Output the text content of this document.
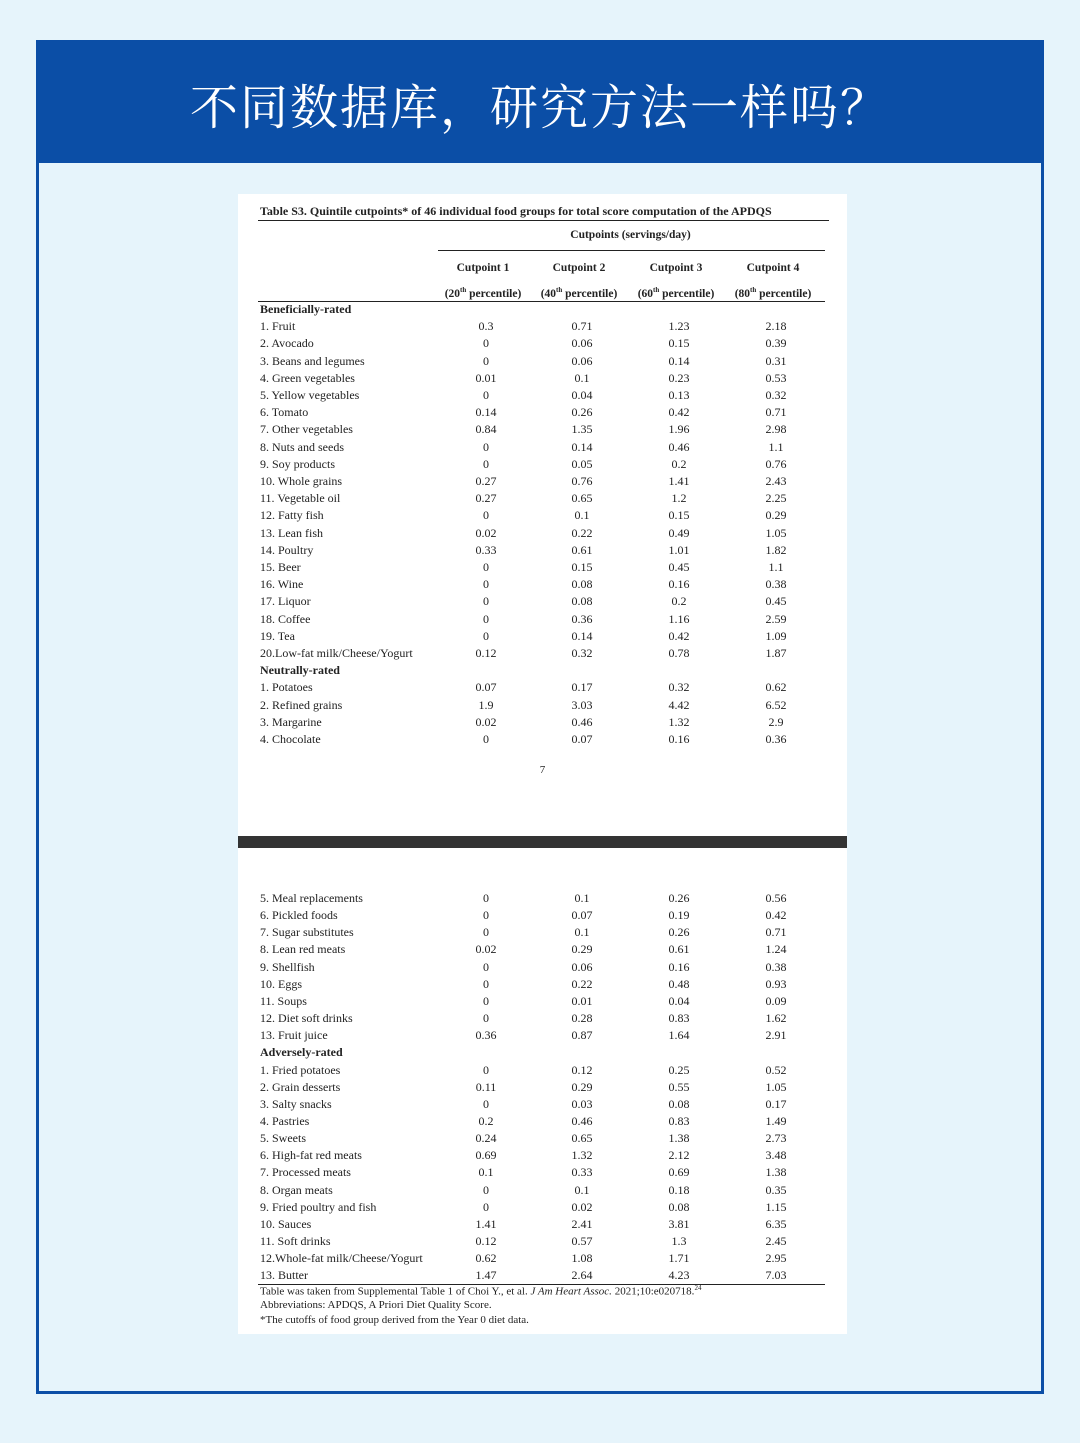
不同数据库，研究方法一样吗？
Table S3. Quintile cutpoints* of 46 individual food groups for total score computation of the APDQS
Cutpoints (servings/day)
Cutpoint 1	Cutpoint 2	Cutpoint 3	Cutpoint 4
(20th percentile)	(40th percentile)	(60th percentile)	(80th percentile)
Beneficially-rated
1. Fruit	0.3	0.71	1.23	2.18
2. Avocado	0	0.06	0.15	0.39
3. Beans and legumes	0	0.06	0.14	0.31
4. Green vegetables	0.01	0.1	0.23	0.53
5. Yellow vegetables	0	0.04	0.13	0.32
6. Tomato	0.14	0.26	0.42	0.71
7. Other vegetables	0.84	1.35	1.96	2.98
8. Nuts and seeds	0	0.14	0.46	1.1
9. Soy products	0	0.05	0.2	0.76
10. Whole grains	0.27	0.76	1.41	2.43
11. Vegetable oil	0.27	0.65	1.2	2.25
12. Fatty fish	0	0.1	0.15	0.29
13. Lean fish	0.02	0.22	0.49	1.05
14. Poultry	0.33	0.61	1.01	1.82
15. Beer	0	0.15	0.45	1.1
16. Wine	0	0.08	0.16	0.38
17. Liquor	0	0.08	0.2	0.45
18. Coffee	0	0.36	1.16	2.59
19. Tea	0	0.14	0.42	1.09
20.Low-fat milk/Cheese/Yogurt	0.12	0.32	0.78	1.87
Neutrally-rated
1. Potatoes	0.07	0.17	0.32	0.62
2. Refined grains	1.9	3.03	4.42	6.52
3. Margarine	0.02	0.46	1.32	2.9
4. Chocolate	0	0.07	0.16	0.36
7
5. Meal replacements	0	0.1	0.26	0.56
6. Pickled foods	0	0.07	0.19	0.42
7. Sugar substitutes	0	0.1	0.26	0.71
8. Lean red meats	0.02	0.29	0.61	1.24
9. Shellfish	0	0.06	0.16	0.38
10. Eggs	0	0.22	0.48	0.93
11. Soups	0	0.01	0.04	0.09
12. Diet soft drinks	0	0.28	0.83	1.62
13. Fruit juice	0.36	0.87	1.64	2.91
Adversely-rated
1. Fried potatoes	0	0.12	0.25	0.52
2. Grain desserts	0.11	0.29	0.55	1.05
3. Salty snacks	0	0.03	0.08	0.17
4. Pastries	0.2	0.46	0.83	1.49
5. Sweets	0.24	0.65	1.38	2.73
6. High-fat red meats	0.69	1.32	2.12	3.48
7. Processed meats	0.1	0.33	0.69	1.38
8. Organ meats	0	0.1	0.18	0.35
9. Fried poultry and fish	0	0.02	0.08	1.15
10. Sauces	1.41	2.41	3.81	6.35
11. Soft drinks	0.12	0.57	1.3	2.45
12.Whole-fat milk/Cheese/Yogurt	0.62	1.08	1.71	2.95
13. Butter	1.47	2.64	4.23	7.03
Table was taken from Supplemental Table 1 of Choi Y., et al. J Am Heart Assoc. 2021;10:e020718.24
Abbreviations: APDQS, A Priori Diet Quality Score.
*The cutoffs of food group derived from the Year 0 diet data.
